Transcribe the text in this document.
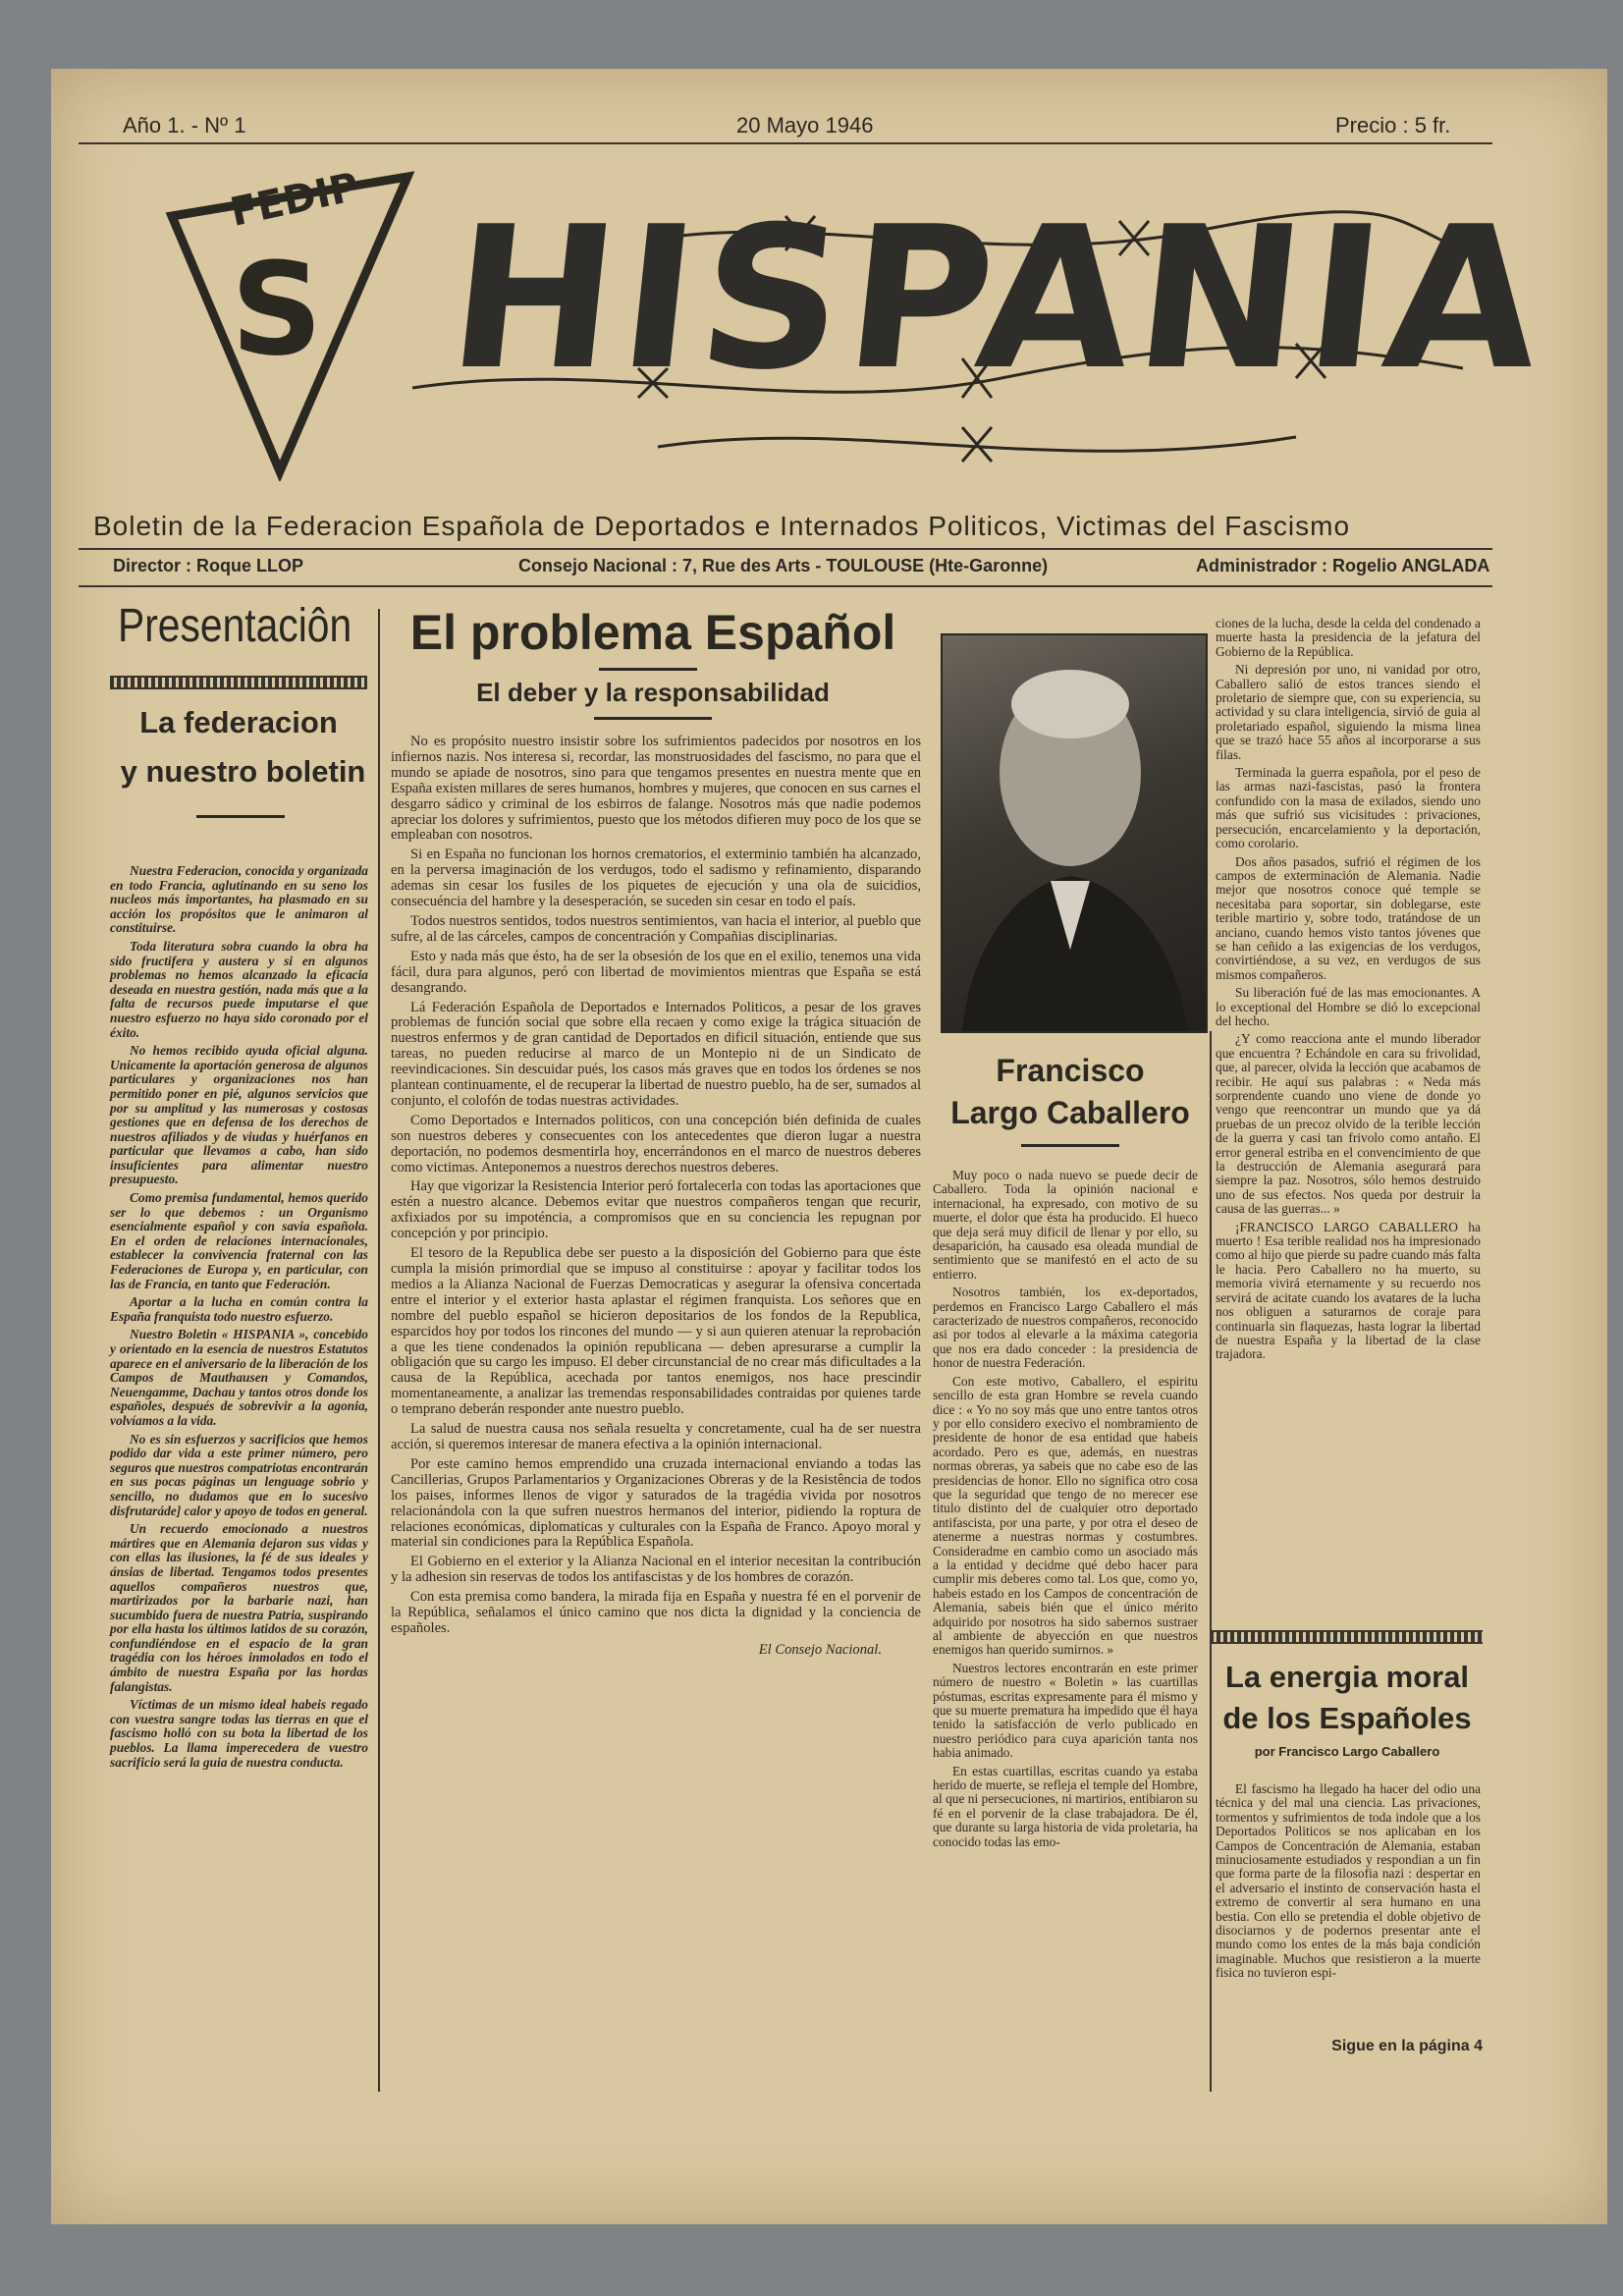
Año 1. - Nº 1	20 Mayo 1946	Precio : 5 fr.
FEDIP
S HISPANIA
Boletin de la Federacion Española de Deportados e Internados Politicos, Victimas del Fascismo
Director : Roque LLOP	Consejo Nacional : 7, Rue des Arts - TOULOUSE (Hte-Garonne)	Administrador : Rogelio ANGLADA
Presentaciôn
La federacion
y nuestro boletin

Nuestra Federacion, conocida y organizada en todo Francia, aglutinando en su seno los nucleos más importantes, ha plasmado en su acción los propósitos que le animaron al constituirse.

Toda literatura sobra cuando la obra ha sido fructifera y austera y si en algunos problemas no hemos alcanzado la eficacia deseada en nuestra gestión, nada más que a la falta de recursos puede imputarse el que nuestro esfuerzo no haya sido coronado por el éxito.

No hemos recibido ayuda oficial alguna. Unicamente la aportación generosa de algunos particulares y organizaciones nos han permitido poner en pié, algunos servicios que por su amplitud y las numerosas y costosas gestiones que en defensa de los derechos de nuestros afiliados y de viudas y huérfanos en particular que llevamos a cabo, han sido insuficientes para alimentar nuestro presupuesto.

Como premisa fundamental, hemos querido ser lo que debemos : un Organismo esencialmente español y con savia española. En el orden de relaciones internacionales, establecer la convivencia fraternal con las Federaciones de Europa y, en particular, con las de Francia, en tanto que Federación.

Aportar a la lucha en común contra la España franquista todo nuestro esfuerzo.

Nuestro Boletin « HISPANIA », concebido y orientado en la esencia de nuestros Estatutos aparece en el aniversario de la liberación de los Campos de Mauthausen y Comandos, Neuengamme, Dachau y tantos otros donde los españoles, después de sobrevivir a la agonia, volvíamos a la vida.

No es sin esfuerzos y sacrificios que hemos podido dar vida a este primer número, pero seguros que nuestros compatriotas encontrarán en sus pocas páginas un lenguage sobrio y sencillo, no dudamos que en lo sucesivo disfrutaráde] calor y apoyo de todos en general.

Un recuerdo emocionado a nuestros mártires que en Alemania dejaron sus vidas y con ellas las ilusiones, la fé de sus ideales y ánsias de libertad. Tengamos todos presentes aquellos compañeros nuestros que, martirizados por la barbarie nazi, han sucumbido fuera de nuestra Patria, suspirando por ella hasta los últimos latidos de su corazón, confundiéndose en el espacio de la gran tragédia con los héroes inmolados en todo el ámbito de nuestra España por las hordas falangistas.

Víctimas de un mismo ideal habeis regado con vuestra sangre todas las tierras en que el fascismo holló con su bota la libertad de los pueblos. La llama imperecedera de vuestro sacrificio será la guia de nuestra conducta.

El problema Español
El deber y la responsabilidad

No es propósito nuestro insistir sobre los sufrimientos padecidos por nosotros en los infiernos nazis. Nos interesa si, recordar, las monstruosidades del fascismo, no para que el mundo se apiade de nosotros, sino para que tengamos presentes en nuestra mente que en España existen millares de seres humanos, hombres y mujeres, que conocen en sus carnes el desgarro sádico y criminal de los esbirros de falange. Nosotros más que nadie podemos apreciar los dolores y sufrimientos, puesto que los métodos difieren muy poco de los que se empleaban con nosotros.

Si en España no funcionan los hornos crematorios, el exterminio también ha alcanzado, en la perversa imaginación de los verdugos, todo el sadismo y refinamiento, disparando ademas sin cesar los fusiles de los piquetes de ejecución y una ola de suicidios, consecuéncia del hambre y la desesperación, se suceden sin cesar en todo el país.

Todos nuestros sentidos, todos nuestros sentimientos, van hacia el interior, al pueblo que sufre, al de las cárceles, campos de concentración y Compañias disciplinarias.

Esto y nada más que ésto, ha de ser la obsesión de los que en el exilio, tenemos una vida fácil, dura para algunos, peró con libertad de movimientos mientras que España se está desangrando.

Lá Federación Española de Deportados e Internados Politicos, a pesar de los graves problemas de función social que sobre ella recaen y como exige la trágica situación de nuestros enfermos y de gran cantidad de Deportados en dificil situación, entiende que sus tareas, no pueden reducirse al marco de un Montepio ni de un Sindicato de reevindicaciones. Sin descuidar pués, los casos más graves que en todos los órdenes se nos plantean continuamente, el de recuperar la libertad de nuestro pueblo, ha de ser, sumados al conjunto, el colofón de todas nuestras actividades.

Como Deportados e Internados politicos, con una concepción bién definida de cuales son nuestros deberes y consecuentes con los antecedentes que dieron lugar a nuestra deportación, no podemos desmentirla hoy, encerrándonos en el marco de nuestros deberes como victimas. Anteponemos a nuestros derechos nuestros deberes.

Hay que vigorizar la Resistencia Interior peró fortalecerla con todas las aportaciones que estén a nuestro alcance. Debemos evitar que nuestros compañeros tengan que recurir, axfixiados por su impoténcia, a compromisos que en su conciencia les repugnan por concepción y por principio.

El tesoro de la Republica debe ser puesto a la disposición del Gobierno para que éste cumpla la misión primordial que se impuso al constituirse : apoyar y facilitar todos los medios a la Alianza Nacional de Fuerzas Democraticas y asegurar la ofensiva concertada entre el interior y el exterior hasta aplastar el régimen franquista. Los señores que en nombre del pueblo español se hicieron depositarios de los fondos de la Republica, esparcidos hoy por todos los rincones del mundo — y si aun quieren atenuar la reprobación a que les tiene condenados la opinión republicana — deben apresurarse a cumplir la obligación que su cargo les impuso. El deber circunstancial de no crear más dificultades a la causa de la República, acechada por tantos enemigos, nos hace prescindir momentaneamente, a analizar las tremendas responsabilidades contraidas por quienes tarde o temprano deberán responder ante nuestro pueblo.

La salud de nuestra causa nos señala resuelta y concretamente, cual ha de ser nuestra acción, si queremos interesar de manera efectiva a la opinión internacional.

Por este camino hemos emprendido una cruzada internacional enviando a todas las Cancillerias, Grupos Parlamentarios y Organizaciones Obreras y de la Resistência de todos los paises, informes llenos de vigor y saturados de la tragédia vivida por nosotros relacionándola con la que sufren nuestros hermanos del interior, pidiendo la roptura de relaciones económicas, diplomaticas y culturales con la España de Franco. Apoyo moral y material sin condiciones para la República Española.

El Gobierno en el exterior y la Alianza Nacional en el interior necesitan la contribución y la adhesion sin reservas de todos los antifascistas y de los hombres de corazón.

Con esta premisa como bandera, la mirada fija en España y nuestra fé en el porvenir de la República, señalamos el único camino que nos dicta la dignidad y la conciencia de españoles.

El Consejo Nacional.

Francisco
Largo Caballero

Muy poco o nada nuevo se puede decir de Caballero. Toda la opinión nacional e internacional, ha expresado, con motivo de su muerte, el dolor que ésta ha producido. El hueco que deja será muy dificil de llenar y por ello, su desaparición, ha causado esa oleada mundial de sentimiento que se manifestó en el acto de su entierro.

Nosotros también, los ex-deportados, perdemos en Francisco Largo Caballero el más caracterizado de nuestros compañeros, reconocido asi por todos al elevarle a la máxima categoria que nos era dado conceder : la presidencia de honor de nuestra Federación.

Con este motivo, Caballero, el espiritu sencillo de esta gran Hombre se revela cuando dice : « Yo no soy más que uno entre tantos otros y por ello considero execivo el nombramiento de presidente de honor de esa entidad que habeis acordado. Pero es que, además, en nuestras normas obreras, ya sabeis que no cabe eso de las presidencias de honor. Ello no significa otro cosa que la seguridad que tengo de no merecer ese titulo distinto del de cualquier otro deportado antifascista, por una parte, y por otra el deseo de atenerme a nuestras normas y costumbres. Consideradme en cambio como un asociado más a la entidad y decidme qué debo hacer para cumplir mis deberes como tal. Los que, como yo, habeis estado en los Campos de concentración de Alemania, sabeis bién que el único mérito adquirido por nosotros ha sido sabernos sustraer al ambiente de abyección en que nuestros enemigos han querido sumirnos. »

Nuestros lectores encontrarán en este primer número de nuestro « Boletin » las cuartillas póstumas, escritas expresamente para él mismo y que su muerte prematura ha impedido que él haya tenido la satisfacción de verlo publicado en nuestro periódico para cuya aparición tanta nos habia animado.

En estas cuartillas, escritas cuando ya estaba herido de muerte, se refleja el temple del Hombre, al que ni persecuciones, ni martirios, entibiaron su fé en el porvenir de la clase trabajadora. De él, que durante su larga historia de vida proletaria, ha conocido todas las emo-

ciones de la lucha, desde la celda del condenado a muerte hasta la presidencia de la jefatura del Gobierno de la República.

Ni depresión por uno, ni vanidad por otro, Caballero salió de estos trances siendo el proletario de siempre que, con su experiencia, su actividad y su clara inteligencia, sirvió de guia al proletariado español, siguiendo la misma linea que se trazó hace 55 años al incorporarse a sus filas.

Terminada la guerra española, por el peso de las armas nazi-fascistas, pasó la frontera confundido con la masa de exilados, siendo uno más que sufrió sus vicisitudes : privaciones, persecución, encarcelamiento y la deportación, como corolario.

Dos años pasados, sufrió el régimen de los campos de exterminación de Alemania. Nadie mejor que nosotros conoce qué temple se necesitaba para soportar, sin doblegarse, este terible martirio y, sobre todo, tratándose de un anciano, cuando hemos visto tantos jóvenes que se han ceñido a las exigencias de los verdugos, convirtiéndose, a su vez, en verdugos de sus mismos compañeros.

Su liberación fué de las mas emocionantes. A lo exceptional del Hombre se dió lo excepcional del hecho.

¿Y como reacciona ante el mundo liberador que encuentra ? Echándole en cara su frivolidad, que, al parecer, olvida la lección que acabamos de recibir. He aquí sus palabras : « Neda más sorprendente cuando uno viene de donde yo vengo que reencontrar un mundo que ya dá pruebas de un precoz olvido de la terible lección de la guerra y casi tan frivolo como antaño. El error general estriba en el convencimiento de que la destrucción de Alemania asegurará para siempre la paz. Nosotros, sólo hemos destruido uno de sus efectos. Nos queda por destruir la causa de las guerras... »

¡FRANCISCO LARGO CABALLERO ha muerto ! Esa terible realidad nos ha impresionado como al hijo que pierde su padre cuando más falta le hacia. Pero Caballero no ha muerto, su memoria vivirá eternamente y su recuerdo nos servirá de acitate cuando los avatares de la lucha nos obliguen a saturarnos de coraje para continuarla sin flaquezas, hasta lograr la libertad de nuestra España y la libertad de la clase trajadora.

La energia moral
de los Españoles
por Francisco Largo Caballero

El fascismo ha llegado ha hacer del odio una técnica y del mal una ciencia. Las privaciones, tormentos y sufrimientos de toda indole que a los Deportados Politicos se nos aplicaban en los Campos de Concentración de Alemania, estaban minuciosamente estudiados y respondian a un fin que forma parte de la filosofia nazi : despertar en el adversario el instinto de conservación hasta el extremo de convertir al sera humano en una bestia. Con ello se pretendia el doble objetivo de disociarnos y de podernos presentar ante el mundo como los entes de la más baja condición imaginable. Muchos que resistieron a la muerte fisica no tuvieron espi-

Sigue en la página 4
